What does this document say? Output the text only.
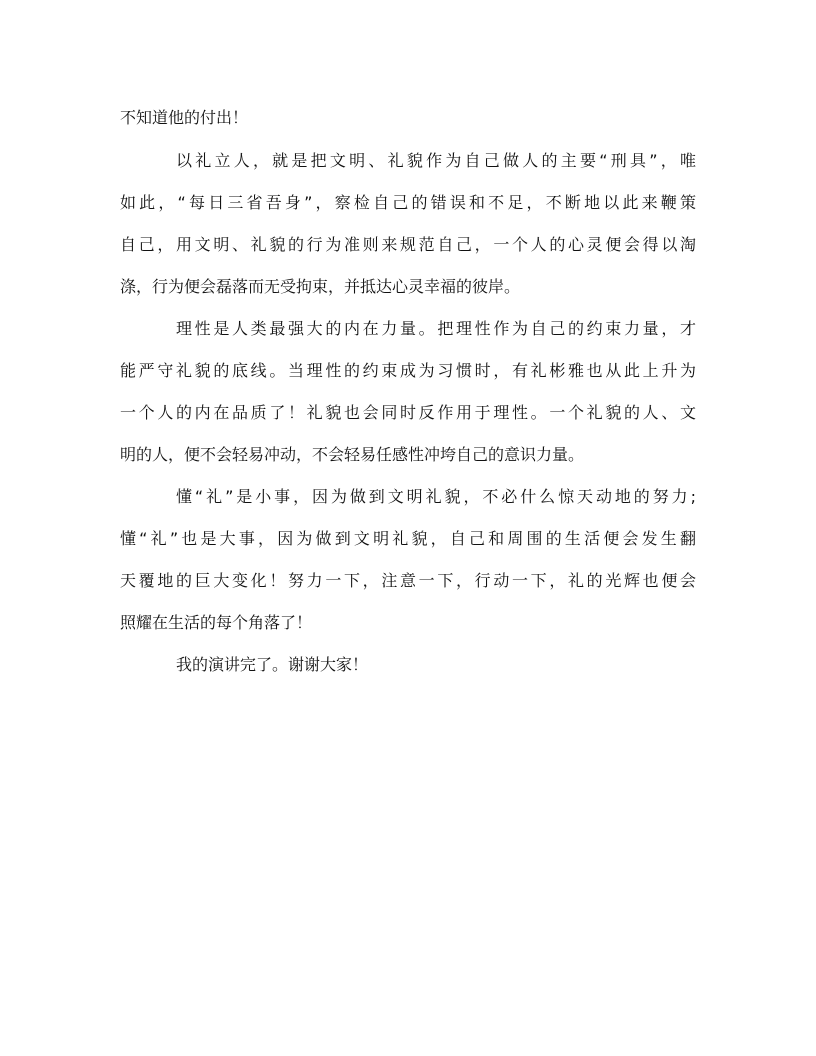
不知道他的付出！
以礼立人，就是把文明、礼貌作为自己做人的主要“刑具”，唯
如此，“每日三省吾身”，察检自己的错误和不足，不断地以此来鞭策
自己，用文明、礼貌的行为准则来规范自己，一个人的心灵便会得以淘
涤，行为便会磊落而无受拘束，并抵达心灵幸福的彼岸。
理性是人类最强大的内在力量。把理性作为自己的约束力量，才
能严守礼貌的底线。当理性的约束成为习惯时，有礼彬雅也从此上升为
一个人的内在品质了！礼貌也会同时反作用于理性。一个礼貌的人、文
明的人，便不会轻易冲动，不会轻易任感性冲垮自己的意识力量。
懂“礼”是小事，因为做到文明礼貌，不必什么惊天动地的努力;
懂“礼”也是大事，因为做到文明礼貌，自己和周围的生活便会发生翻
天覆地的巨大变化！努力一下，注意一下，行动一下，礼的光辉也便会
照耀在生活的每个角落了！
我的演讲完了。谢谢大家！
